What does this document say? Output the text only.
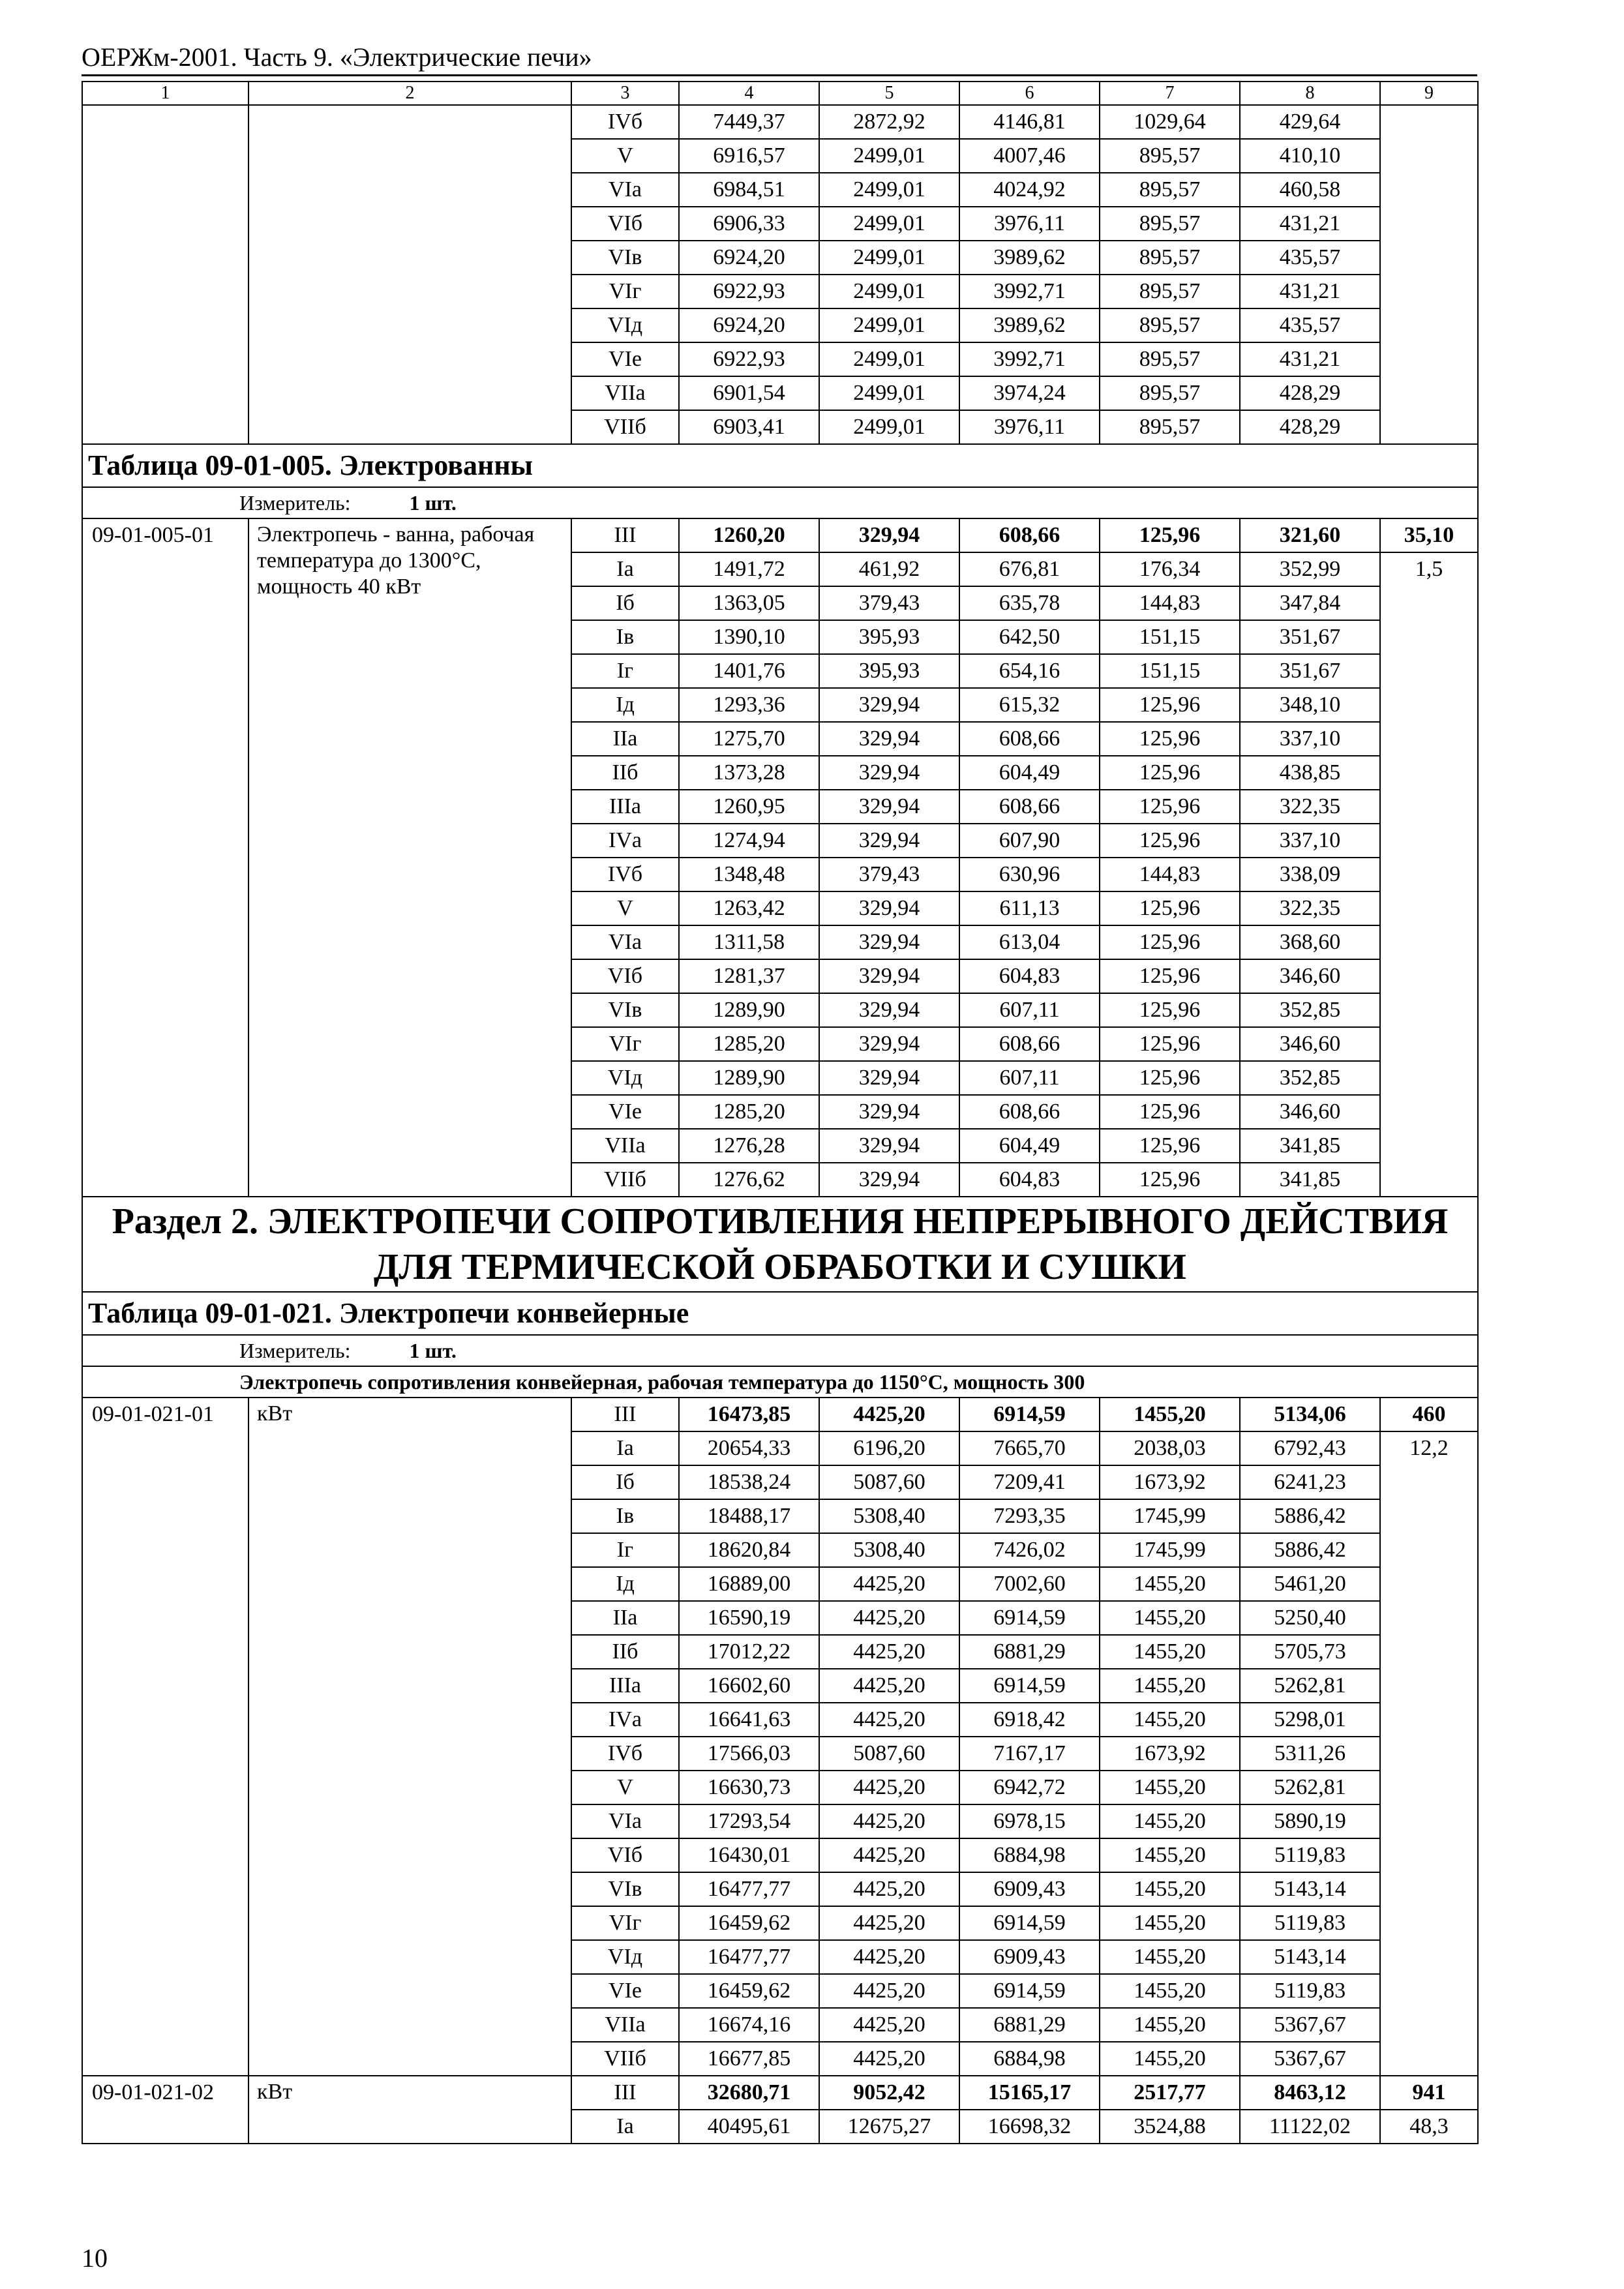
ОЕРЖм-2001. Часть 9. «Электрические печи»
1	2	3	4	5	6	7	8	9
		IVб	7449,37	2872,92	4146,81	1029,64	429,64	
		V	6916,57	2499,01	4007,46	895,57	410,10	
		VIа	6984,51	2499,01	4024,92	895,57	460,58	
		VIб	6906,33	2499,01	3976,11	895,57	431,21	
		VIв	6924,20	2499,01	3989,62	895,57	435,57	
		VIг	6922,93	2499,01	3992,71	895,57	431,21	
		VIд	6924,20	2499,01	3989,62	895,57	435,57	
		VIе	6922,93	2499,01	3992,71	895,57	431,21	
		VIIа	6901,54	2499,01	3974,24	895,57	428,29	
		VIIб	6903,41	2499,01	3976,11	895,57	428,29	
Таблица 09-01-005. Электрованны								
Измеритель: 1 шт.								
09-01-005-01	Электропечь - ванна, рабочая температура до 1300°С, мощность 40 кВт	III	1260,20	329,94	608,66	125,96	321,60	35,10
		Iа	1491,72	461,92	676,81	176,34	352,99	1,5
		Iб	1363,05	379,43	635,78	144,83	347,84	
		Iв	1390,10	395,93	642,50	151,15	351,67	
		Iг	1401,76	395,93	654,16	151,15	351,67	
		Iд	1293,36	329,94	615,32	125,96	348,10	
		IIа	1275,70	329,94	608,66	125,96	337,10	
		IIб	1373,28	329,94	604,49	125,96	438,85	
		IIIа	1260,95	329,94	608,66	125,96	322,35	
		IVа	1274,94	329,94	607,90	125,96	337,10	
		IVб	1348,48	379,43	630,96	144,83	338,09	
		V	1263,42	329,94	611,13	125,96	322,35	
		VIа	1311,58	329,94	613,04	125,96	368,60	
		VIб	1281,37	329,94	604,83	125,96	346,60	
		VIв	1289,90	329,94	607,11	125,96	352,85	
		VIг	1285,20	329,94	608,66	125,96	346,60	
		VIд	1289,90	329,94	607,11	125,96	352,85	
		VIе	1285,20	329,94	608,66	125,96	346,60	
		VIIа	1276,28	329,94	604,49	125,96	341,85	
		VIIб	1276,62	329,94	604,83	125,96	341,85	
Раздел 2. ЭЛЕКТРОПЕЧИ СОПРОТИВЛЕНИЯ НЕПРЕРЫВНОГО ДЕЙСТВИЯ ДЛЯ ТЕРМИЧЕСКОЙ ОБРАБОТКИ И СУШКИ								
Таблица 09-01-021. Электропечи конвейерные								
Измеритель: 1 шт.								
Электропечь сопротивления конвейерная, рабочая температура до 1150°С, мощность 300								
09-01-021-01	кВт	III	16473,85	4425,20	6914,59	1455,20	5134,06	460
		Iа	20654,33	6196,20	7665,70	2038,03	6792,43	12,2
		Iб	18538,24	5087,60	7209,41	1673,92	6241,23	
		Iв	18488,17	5308,40	7293,35	1745,99	5886,42	
		Iг	18620,84	5308,40	7426,02	1745,99	5886,42	
		Iд	16889,00	4425,20	7002,60	1455,20	5461,20	
		IIа	16590,19	4425,20	6914,59	1455,20	5250,40	
		IIб	17012,22	4425,20	6881,29	1455,20	5705,73	
		IIIа	16602,60	4425,20	6914,59	1455,20	5262,81	
		IVа	16641,63	4425,20	6918,42	1455,20	5298,01	
		IVб	17566,03	5087,60	7167,17	1673,92	5311,26	
		V	16630,73	4425,20	6942,72	1455,20	5262,81	
		VIа	17293,54	4425,20	6978,15	1455,20	5890,19	
		VIб	16430,01	4425,20	6884,98	1455,20	5119,83	
		VIв	16477,77	4425,20	6909,43	1455,20	5143,14	
		VIг	16459,62	4425,20	6914,59	1455,20	5119,83	
		VIд	16477,77	4425,20	6909,43	1455,20	5143,14	
		VIе	16459,62	4425,20	6914,59	1455,20	5119,83	
		VIIа	16674,16	4425,20	6881,29	1455,20	5367,67	
		VIIб	16677,85	4425,20	6884,98	1455,20	5367,67	
09-01-021-02	кВт	III	32680,71	9052,42	15165,17	2517,77	8463,12	941
		Iа	40495,61	12675,27	16698,32	3524,88	11122,02	48,3
10
